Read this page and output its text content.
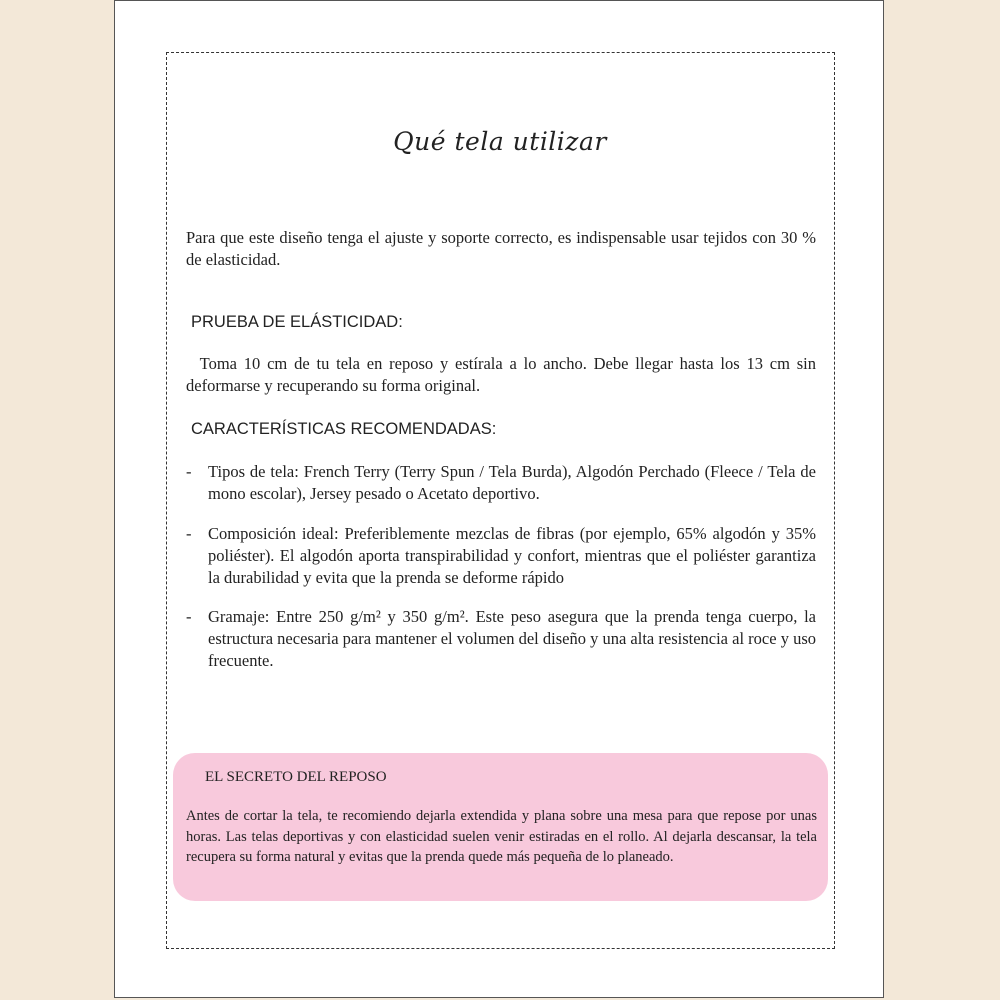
Qué tela utilizar
Para que este diseño tenga el ajuste y soporte correcto, es indispensable usar tejidos con 30 % de elasticidad.
PRUEBA DE ELÁSTICIDAD:
Toma 10 cm de tu tela en reposo y estírala a lo ancho. Debe llegar hasta los 13 cm sin deformarse y recuperando su forma original.
CARACTERÍSTICAS RECOMENDADAS:
- Tipos de tela: French Terry (Terry Spun / Tela Burda), Algodón Perchado (Fleece / Tela de mono escolar), Jersey pesado o Acetato deportivo.
- Composición ideal: Preferiblemente mezclas de fibras (por ejemplo, 65% algodón y 35% poliéster). El algodón aporta transpirabilidad y confort, mientras que el poliéster garantiza la durabilidad y evita que la prenda se deforme rápido
- Gramaje: Entre 250 g/m² y 350 g/m². Este peso asegura que la prenda tenga cuerpo, la estructura necesaria para mantener el volumen del diseño y una alta resistencia al roce y uso frecuente.
EL SECRETO DEL REPOSO
Antes de cortar la tela, te recomiendo dejarla extendida y plana sobre una mesa para que repose por unas horas. Las telas deportivas y con elasticidad suelen venir estiradas en el rollo. Al dejarla descansar, la tela recupera su forma natural y evitas que la prenda quede más pequeña de lo planeado.
